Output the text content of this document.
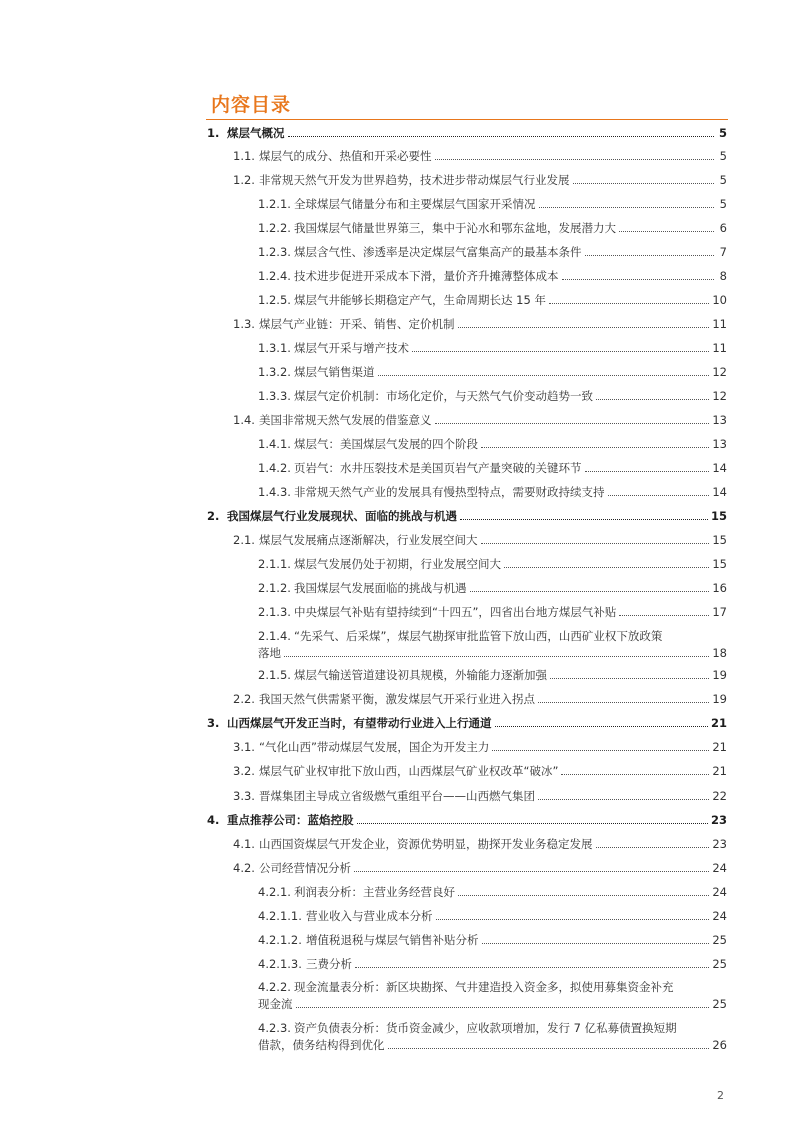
内容目录
1. 煤层气概况	5
1.1. 煤层气的成分、热值和开采必要性	5
1.2. 非常规天然气开发为世界趋势，技术进步带动煤层气行业发展	5
1.2.1. 全球煤层气储量分布和主要煤层气国家开采情况	5
1.2.2. 我国煤层气储量世界第三，集中于沁水和鄂东盆地，发展潜力大	6
1.2.3. 煤层含气性、渗透率是决定煤层气富集高产的最基本条件	7
1.2.4. 技术进步促进开采成本下滑，量价齐升摊薄整体成本	8
1.2.5. 煤层气井能够长期稳定产气，生命周期长达 15 年	10
1.3. 煤层气产业链：开采、销售、定价机制	11
1.3.1. 煤层气开采与增产技术	11
1.3.2. 煤层气销售渠道	12
1.3.3. 煤层气定价机制：市场化定价，与天然气气价变动趋势一致	12
1.4. 美国非常规天然气发展的借鉴意义	13
1.4.1. 煤层气：美国煤层气发展的四个阶段	13
1.4.2. 页岩气：水井压裂技术是美国页岩气产量突破的关键环节	14
1.4.3. 非常规天然气产业的发展具有慢热型特点，需要财政持续支持	14
2. 我国煤层气行业发展现状、面临的挑战与机遇	15
2.1. 煤层气发展痛点逐渐解决，行业发展空间大	15
2.1.1. 煤层气发展仍处于初期，行业发展空间大	15
2.1.2. 我国煤层气发展面临的挑战与机遇	16
2.1.3. 中央煤层气补贴有望持续到“十四五”，四省出台地方煤层气补贴	17
2.1.4. “先采气、后采煤”，煤层气勘探审批监管下放山西，山西矿业权下放政策
落地	18
2.1.5. 煤层气输送管道建设初具规模，外输能力逐渐加强	19
2.2. 我国天然气供需紧平衡，激发煤层气开采行业进入拐点	19
3. 山西煤层气开发正当时，有望带动行业进入上行通道	21
3.1. “气化山西”带动煤层气发展，国企为开发主力	21
3.2. 煤层气矿业权审批下放山西，山西煤层气矿业权改革“破冰”	21
3.3. 晋煤集团主导成立省级燃气重组平台——山西燃气集团	22
4. 重点推荐公司：蓝焰控股	23
4.1. 山西国资煤层气开发企业，资源优势明显，勘探开发业务稳定发展	23
4.2. 公司经营情况分析	24
4.2.1. 利润表分析：主营业务经营良好	24
4.2.1.1. 营业收入与营业成本分析	24
4.2.1.2. 增值税退税与煤层气销售补贴分析	25
4.2.1.3. 三费分析	25
4.2.2. 现金流量表分析：新区块勘探、气井建造投入资金多，拟使用募集资金补充
现金流	25
4.2.3. 资产负债表分析：货币资金减少，应收款项增加，发行 7 亿私募债置换短期
借款，债务结构得到优化	26
2
